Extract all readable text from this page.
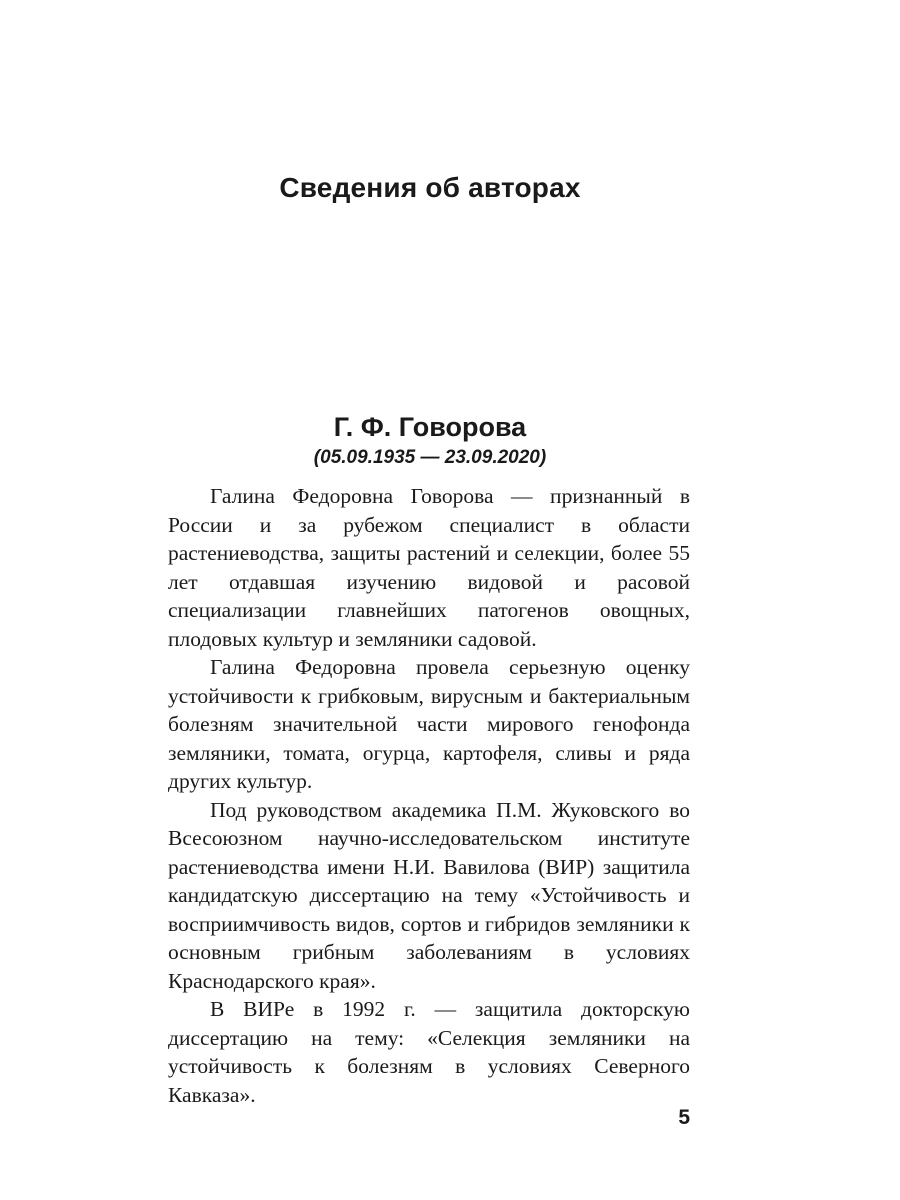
Сведения об авторах
Г. Ф. Говорова
(05.09.1935 — 23.09.2020)

Галина Федоровна Говорова — признанный в России и за рубежом специалист в области растениеводства, защиты растений и селекции, более 55 лет отдавшая изучению видовой и расовой специализации главнейших патогенов овощных, плодовых культур и земляники садовой.

Галина Федоровна провела серьезную оценку устойчивости к грибковым, вирусным и бактериальным болезням значительной части мирового генофонда земляники, томата, огурца, картофеля, сливы и ряда других культур.

Под руководством академика П.М. Жуковского во Всесоюзном научно-исследовательском институте растениеводства имени Н.И. Вавилова (ВИР) защитила кандидатскую диссертацию на тему «Устойчивость и восприимчивость видов, сортов и гибридов земляники к основным грибным заболеваниям в условиях Краснодарского края».

В ВИРе в 1992 г. — защитила докторскую диссертацию на тему: «Селекция земляники на устойчивость к болезням в условиях Северного Кавказа».

5
